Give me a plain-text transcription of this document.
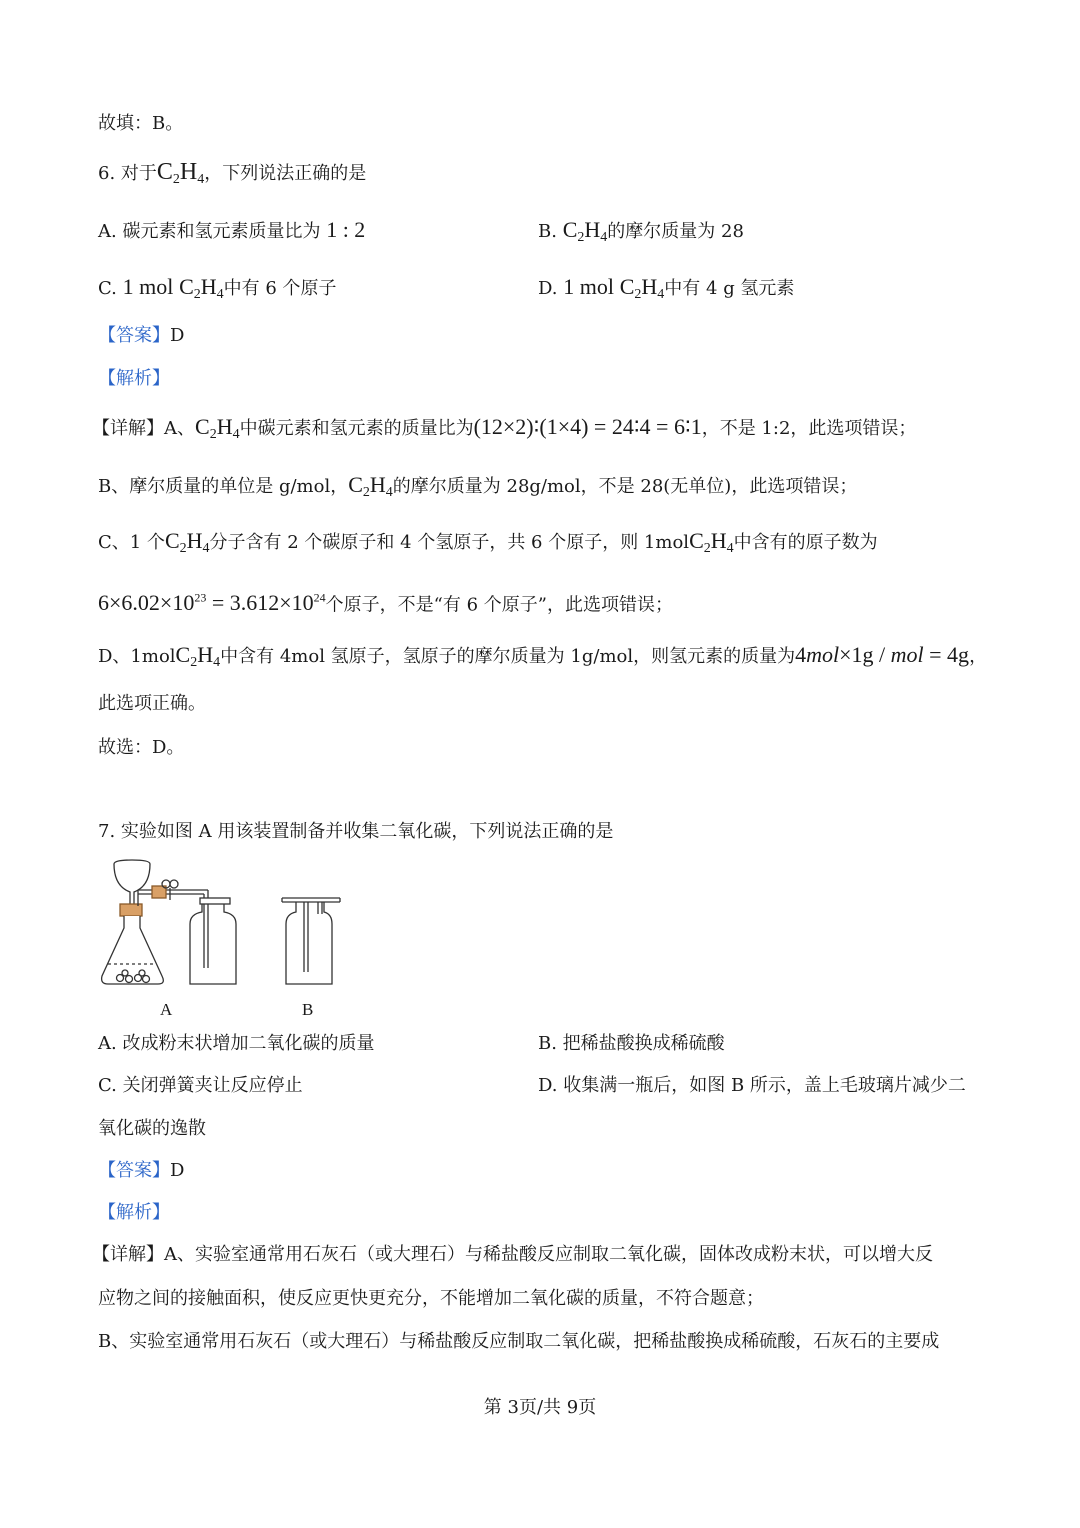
故填：B。
6. 对于$C_2H_4$，下列说法正确的是
A. 碳元素和氢元素质量比为 1 : 2	B. $C_2H_4$的摩尔质量为 28
C. 1 mol $C_2H_4$中有 6 个原子	D. 1 mol $C_2H_4$中有 4 g 氢元素
【答案】D
【解析】
【详解】A、$C_2H_4$中碳元素和氢元素的质量比为(12×2)∶(1×4) = 24∶4 = 6∶1，不是 1:2，此选项错误；
B、摩尔质量的单位是 g/mol，$C_2H_4$的摩尔质量为 28g/mol，不是 28(无单位)，此选项错误；
C、1 个$C_2H_4$分子含有 2 个碳原子和 4 个氢原子，共 6 个原子，则 $1molC_2H_4$中含有的原子数为
$6\times 6.02\times 10^{23} = 3.612\times 10^{24}$个原子，不是“有 6 个原子”，此选项错误；
D、$1molC_2H_4$中含有 4mol 氢原子，氢原子的摩尔质量为 1g/mol，则氢元素的质量为4mol×1g / mol = 4g，
此选项正确。
故选：D。
7. 实验如图 A 用该装置制备并收集二氧化碳，下列说法正确的是
A	B
A. 改成粉末状增加二氧化碳的质量	B. 把稀盐酸换成稀硫酸
C. 关闭弹簧夹让反应停止	D. 收集满一瓶后，如图 B 所示，盖上毛玻璃片减少二
氧化碳的逸散
【答案】D
【解析】
【详解】A、实验室通常用石灰石（或大理石）与稀盐酸反应制取二氧化碳，固体改成粉末状，可以增大反
应物之间的接触面积，使反应更快更充分，不能增加二氧化碳的质量，不符合题意；
B、实验室通常用石灰石（或大理石）与稀盐酸反应制取二氧化碳，把稀盐酸换成稀硫酸，石灰石的主要成
第 3页/共 9页
